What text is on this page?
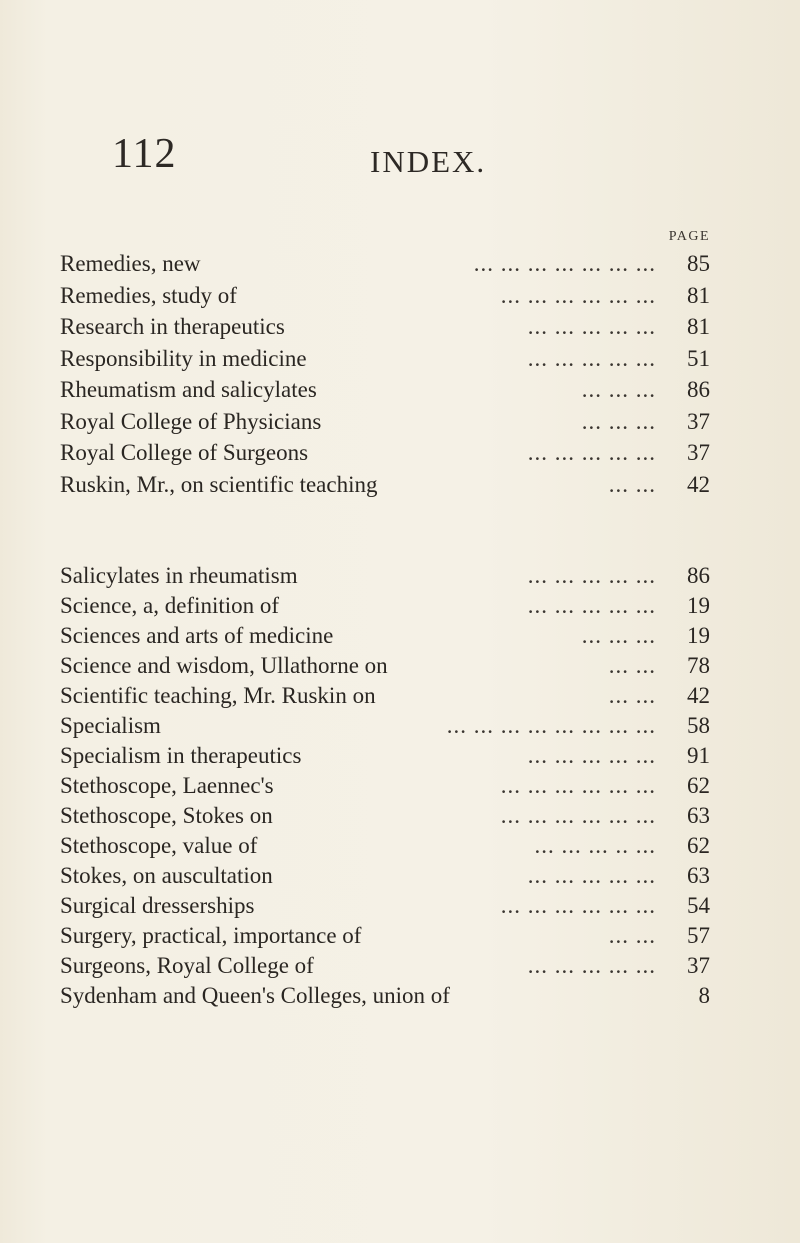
112	INDEX.
PAGE
Remedies, new	... ... ... ... ... ... ...	85
Remedies, study of	... ... ... ... ... ...	81
Research in therapeutics	... ... ... ... ...	81
Responsibility in medicine	... ... ... ... ...	51
Rheumatism and salicylates	... ... ...	86
Royal College of Physicians	... ... ...	37
Royal College of Surgeons	... ... ... ... ...	37
Ruskin, Mr., on scientific teaching	... ...	42
Salicylates in rheumatism	... ... ... ... ...	86
Science, a, definition of	... ... ... ... ...	19
Sciences and arts of medicine	... ... ...	19
Science and wisdom, Ullathorne on	... ...	78
Scientific teaching, Mr. Ruskin on	... ...	42
Specialism	... ... ... ... ... ... ... ...	58
Specialism in therapeutics	... ... ... ... ...	91
Stethoscope, Laennec's	... ... ... ... ... ...	62
Stethoscope, Stokes on	... ... ... ... ... ...	63
Stethoscope, value of	... ... ... .. ...	62
Stokes, on auscultation	... ... ... ... ...	63
Surgical dresserships	... ... ... ... ... ...	54
Surgery, practical, importance of	... ...	57
Surgeons, Royal College of	... ... ... ... ...	37
Sydenham and Queen's Colleges, union of	8
